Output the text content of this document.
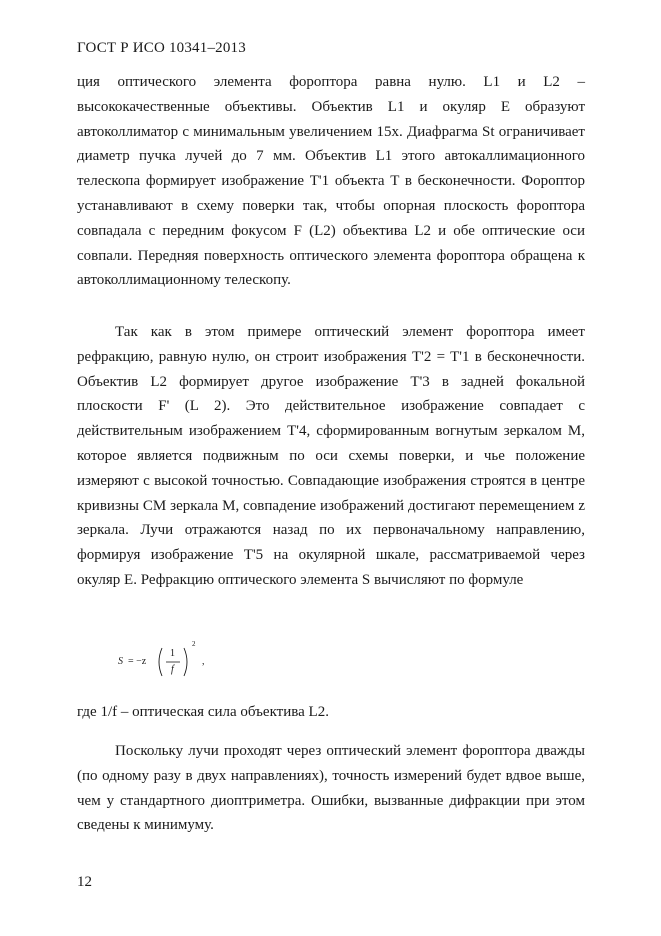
ГОСТ Р ИСО 10341–2013
ция оптического элемента фороптора равна нулю. L1 и L2 – высококачественные объективы. Объектив L1 и окуляр E образуют автоколлиматор с минимальным увеличением 15х. Диафрагма St ограничивает диаметр пучка лучей до 7 мм. Объектив L1 этого автокаллимационного телескопа формирует изображение T'1 объекта T в бесконечности. Фороптор устанавливают в схему поверки так, чтобы опорная плоскость фороптора совпадала с передним фокусом F (L2) объектива L2 и обе оптические оси совпали. Передняя поверхность оптического элемента фороптора обращена к автоколлимационному телескопу.
Так как в этом примере оптический элемент фороптора имеет рефракцию, равную нулю, он строит изображения T'2 = T'1 в бесконечности. Объектив L2 формирует другое изображение T'3 в задней фокальной плоскости F' (L 2). Это действительное изображение совпадает с действительным изображением T'4, сформированным вогнутым зеркалом M, которое является подвижным по оси схемы поверки, и чье положение измеряют с высокой точностью. Совпадающие изображения строятся в центре кривизны CM зеркала M, совпадение изображений достигают перемещением z зеркала. Лучи отражаются назад по их первоначальному направлению, формируя изображение T'5 на окулярной шкале, рассматриваемой через окуляр E. Рефракцию оптического элемента S вычисляют по формуле
S = −z
1
f
2
,
где 1/f – оптическая сила объектива L2.
Поскольку лучи проходят через оптический элемент фороптора дважды (по одному разу в двух направлениях), точность измерений будет вдвое выше, чем у стандартного диоптриметра. Ошибки, вызванные дифракции при этом сведены к минимуму.
12
